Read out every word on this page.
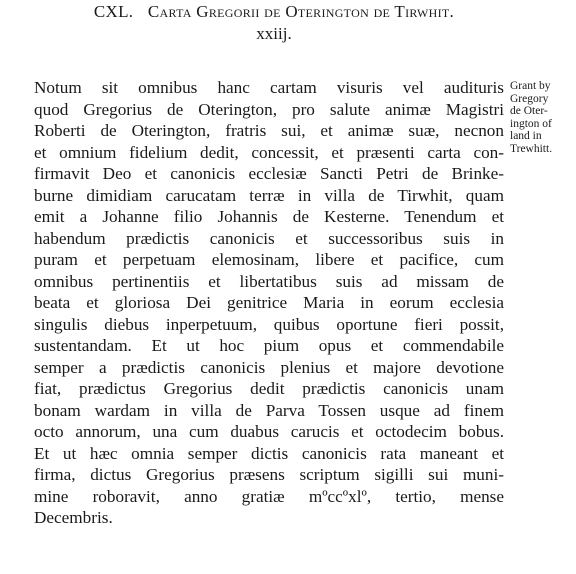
CXL. Carta Gregorii de Oterington de Tirwhit.
xxiij.
Notum sit omnibus hanc cartam visuris vel audituris
quod Gregorius de Oterington, pro salute animæ Magistri
Roberti de Oterington, fratris sui, et animæ suæ, necnon
et omnium fidelium dedit, concessit, et præsenti carta con-
firmavit Deo et canonicis ecclesiæ Sancti Petri de Brinke-
burne dimidiam carucatam terræ in villa de Tirwhit, quam
emit a Johanne filio Johannis de Kesterne. Tenendum et
habendum prædictis canonicis et successoribus suis in
puram et perpetuam elemosinam, libere et pacifice, cum
omnibus pertinentiis et libertatibus suis ad missam de
beata et gloriosa Dei genitrice Maria in eorum ecclesia
singulis diebus inperpetuum, quibus oportune fieri possit,
sustentandam. Et ut hoc pium opus et commendabile
semper a prædictis canonicis plenius et majore devotione
fiat, prædictus Gregorius dedit prædictis canonicis unam
bonam wardam in villa de Parva Tossen usque ad finem
octo annorum, una cum duabus carucis et octodecim bobus.
Et ut hæc omnia semper dictis canonicis rata maneant et
firma, dictus Gregorius præsens scriptum sigilli sui muni-
mine roboravit, anno gratiæ mºccºxlº, tertio, mense
Decembris.
Grant by
Gregory
de Oter-
ington of
land in
Trewhitt.
